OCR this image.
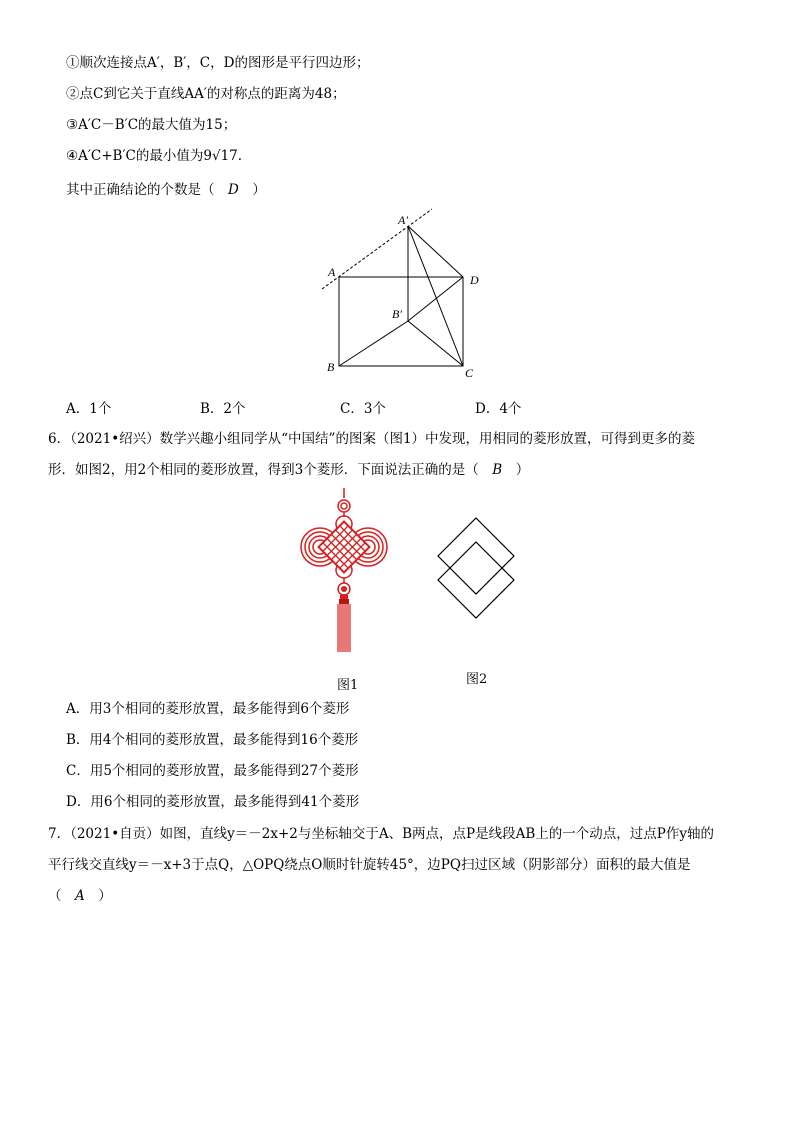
①顺次连接点A′，B′，C，D的图形是平行四边形；
②点C到它关于直线AA′的对称点的距离为48；
③A′C－B′C的最大值为15；
④A′C+B′C的最小值为9√17.
其中正确结论的个数是（　D　）
A′
A
D
B′
B	C
A．1个	B．2个	C．3个	D．4个
6．（2021•绍兴）数学兴趣小组同学从“中国结”的图案（图1）中发现，用相同的菱形放置，可得到更多的菱
形．如图2，用2个相同的菱形放置，得到3个菱形．下面说法正确的是（　B　）
图1	图2
A．用3个相同的菱形放置，最多能得到6个菱形
B．用4个相同的菱形放置，最多能得到16个菱形
C．用5个相同的菱形放置，最多能得到27个菱形
D．用6个相同的菱形放置，最多能得到41个菱形
7．（2021•自贡）如图，直线y＝－2x+2与坐标轴交于A、B两点，点P是线段AB上的一个动点，过点P作y轴的
平行线交直线y＝－x+3于点Q，△OPQ绕点O顺时针旋转45°，边PQ扫过区域（阴影部分）面积的最大值是
（　A　）
